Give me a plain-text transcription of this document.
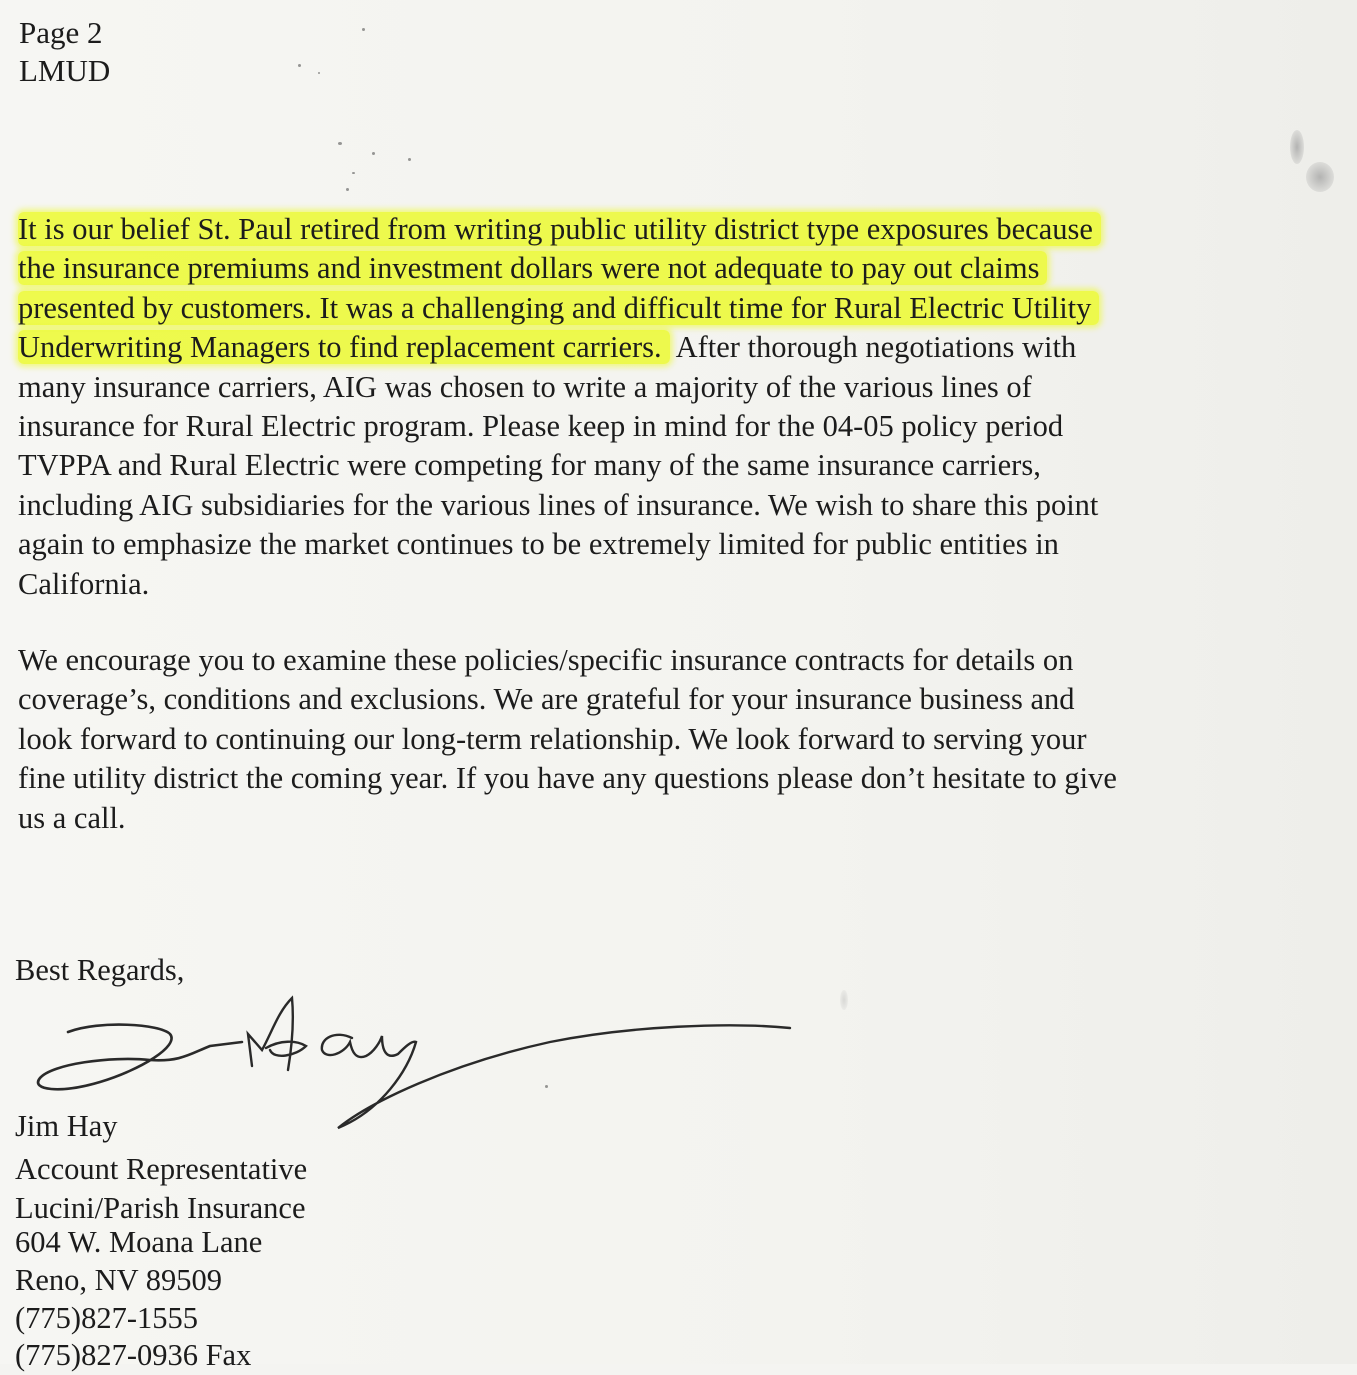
Page 2
LMUD
It is our belief St. Paul retired from writing public utility district type exposures because
the insurance premiums and investment dollars were not adequate to pay out claims
presented by customers. It was a challenging and difficult time for Rural Electric Utility
Underwriting Managers to find replacement carriers. After thorough negotiations with
many insurance carriers, AIG was chosen to write a majority of the various lines of
insurance for Rural Electric program. Please keep in mind for the 04-05 policy period
TVPPA and Rural Electric were competing for many of the same insurance carriers,
including AIG subsidiaries for the various lines of insurance. We wish to share this point
again to emphasize the market continues to be extremely limited for public entities in
California.
We encourage you to examine these policies/specific insurance contracts for details on
coverage’s, conditions and exclusions. We are grateful for your insurance business and
look forward to continuing our long-term relationship. We look forward to serving your
fine utility district the coming year. If you have any questions please don’t hesitate to give
us a call.
Best Regards,
Jim Hay
Account Representative
Lucini/Parish Insurance
604 W. Moana Lane
Reno, NV 89509
(775)827-1555
(775)827-0936 Fax
